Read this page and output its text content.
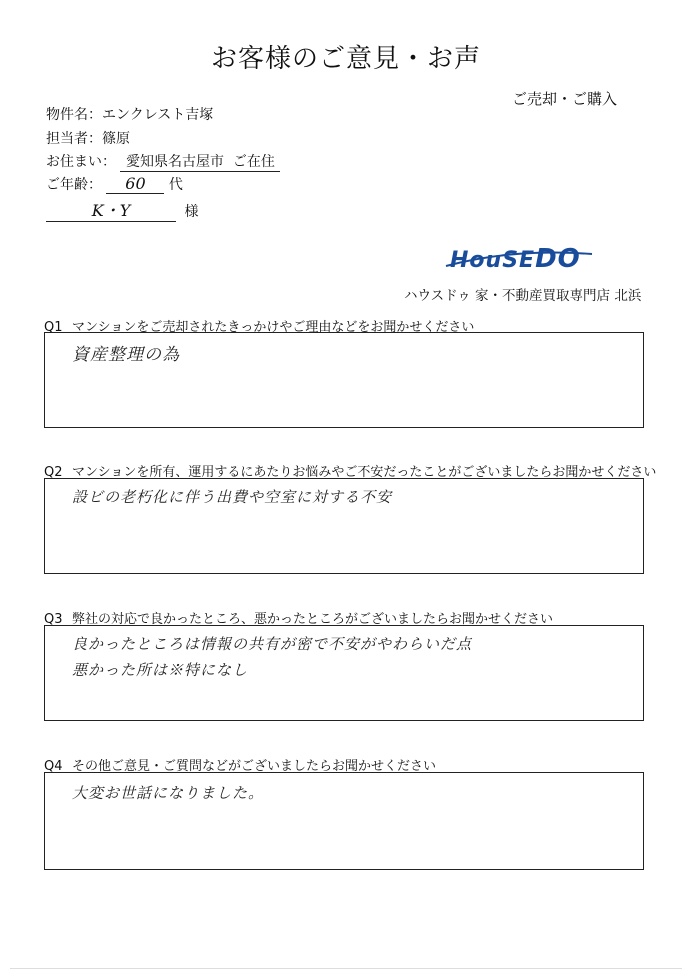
お客様のご意見・お声
ご売却・ご購入
物件名：エンクレスト吉塚
担当者：篠原
お住まい： 愛知県名古屋市 ご在住
ご年齢： 60 代
K・Y	様
HouSEDO
ハウスドゥ 家・不動産買取専門店 北浜
Q1 マンションをご売却されたきっかけやご理由などをお聞かせください
資産整理の為
Q2 マンションを所有、運用するにあたりお悩みやご不安だったことがございましたらお聞かせください
設ビの老朽化に伴う出費や空室に対する不安
Q3 弊社の対応で良かったところ、悪かったところがございましたらお聞かせください
良かったところは情報の共有が密で不安がやわらいだ点
悪かった所は※特になし
Q4 その他ご意見・ご質問などがございましたらお聞かせください
大変お世話になりました。
